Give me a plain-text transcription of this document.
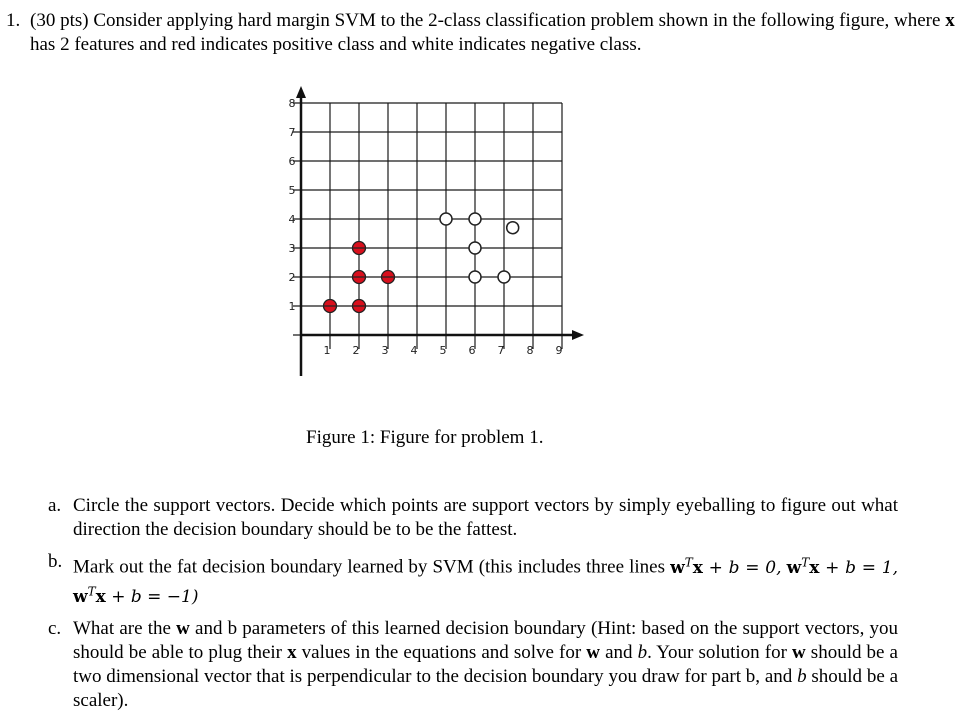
1. (30 pts) Consider applying hard margin SVM to the 2-class classification problem shown in the following figure, where x has 2 features and red indicates positive class and white indicates negative class.
1 2 3 4 5 6 7 8 9
1
2
3
4
5
6
7
8
Figure 1: Figure for problem 1.
a. Circle the support vectors. Decide which points are support vectors by simply eyeballing to figure out what direction the decision boundary should be to be the fattest.
b. Mark out the fat decision boundary learned by SVM (this includes three lines $w^Tx + b = 0$, $w^Tx + b = 1$, $w^Tx + b = -1$)
c. What are the w and b parameters of this learned decision boundary (Hint: based on the support vectors, you should be able to plug their x values in the equations and solve for w and b. Your solution for w should be a two dimensional vector that is perpendicular to the decision boundary you draw for part b, and b should be a scaler).
